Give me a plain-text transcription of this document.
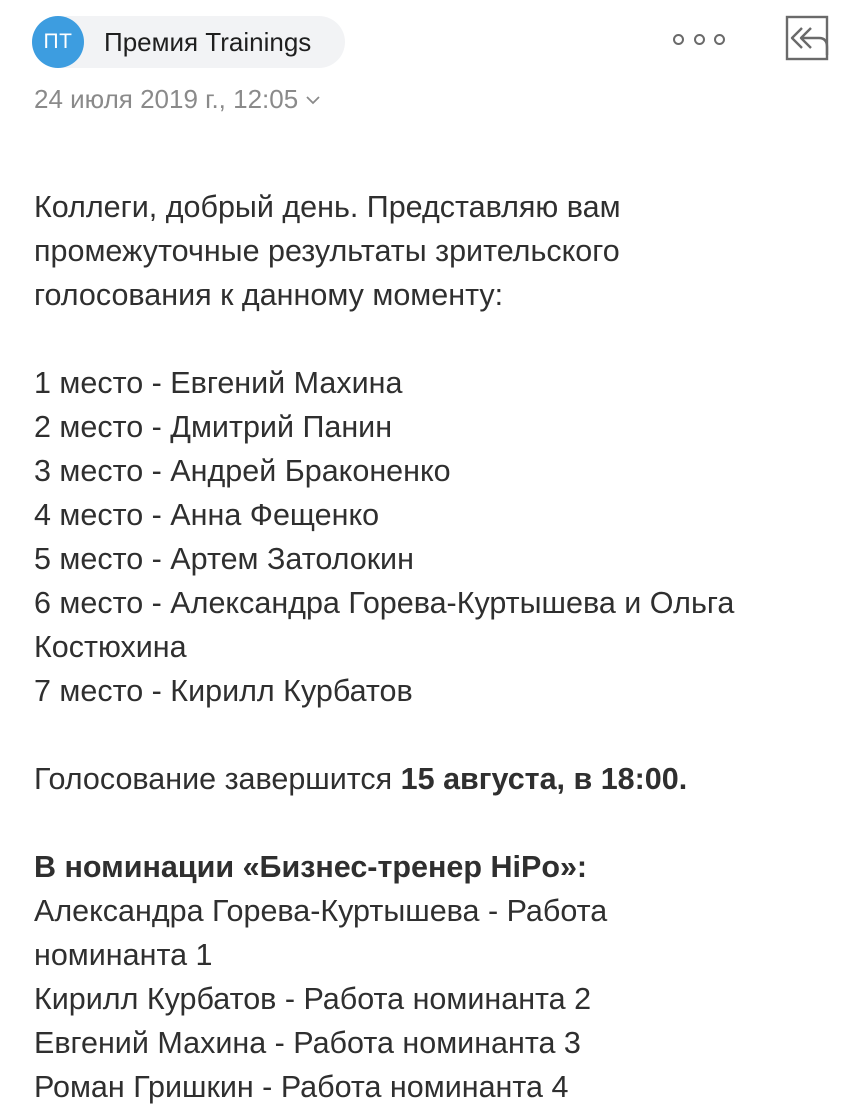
ПТ	Премия Trainings
24 июля 2019 г., 12:05

Коллеги, добрый день. Представляю вам

промежуточные результаты зрительского

голосования к данному моменту:

1 место - Евгений Махина

2 место - Дмитрий Панин

3 место - Андрей Браконенко

4 место - Анна Фещенко

5 место - Артем Затолокин

6 место - Александра Горева-Куртышева и Ольга

Костюхина

7 место - Кирилл Курбатов

Голосование завершится 15 августа, в 18:00.

В номинации «Бизнес-тренер HiPo»:

Александра Горева-Куртышева - Работа

номинанта 1

Кирилл Курбатов - Работа номинанта 2

Евгений Махина - Работа номинанта 3

Роман Гришкин - Работа номинанта 4
